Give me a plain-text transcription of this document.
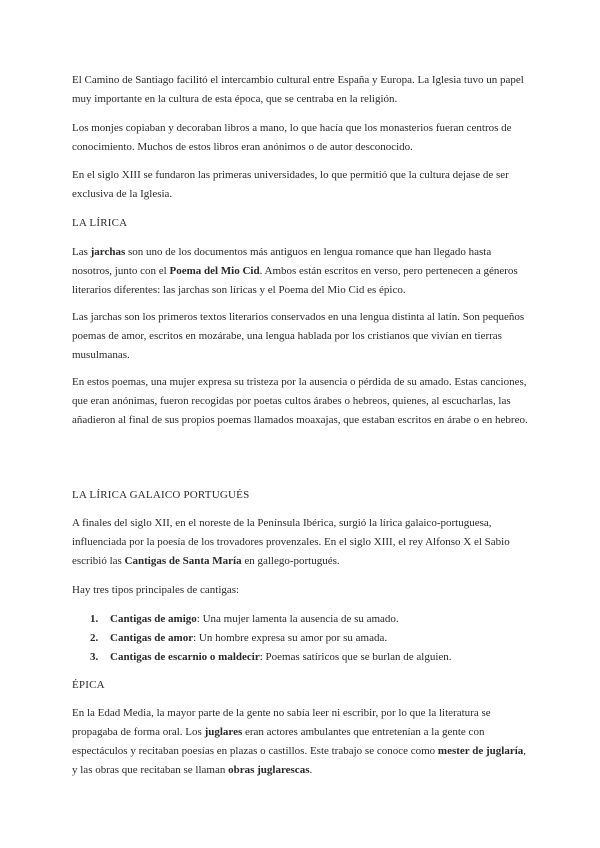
El Camino de Santiago facilitó el intercambio cultural entre España y Europa. La Iglesia tuvo un papel muy importante en la cultura de esta época, que se centraba en la religión.

Los monjes copiaban y decoraban libros a mano, lo que hacía que los monasterios fueran centros de conocimiento. Muchos de estos libros eran anónimos o de autor desconocido.

En el siglo XIII se fundaron las primeras universidades, lo que permitió que la cultura dejase de ser exclusiva de la Iglesia.

LA LÍRICA

Las jarchas son uno de los documentos más antiguos en lengua romance que han llegado hasta nosotros, junto con el Poema del Mio Cid. Ambos están escritos en verso, pero pertenecen a géneros literarios diferentes: las jarchas son líricas y el Poema del Mio Cid es épico.

Las jarchas son los primeros textos literarios conservados en una lengua distinta al latín. Son pequeños poemas de amor, escritos en mozárabe, una lengua hablada por los cristianos que vivían en tierras musulmanas.

En estos poemas, una mujer expresa su tristeza por la ausencia o pérdida de su amado. Estas canciones, que eran anónimas, fueron recogidas por poetas cultos árabes o hebreos, quienes, al escucharlas, las añadieron al final de sus propios poemas llamados moaxajas, que estaban escritos en árabe o en hebreo.

LA LÍRICA GALAICO PORTUGUÉS

A finales del siglo XII, en el noreste de la Península Ibérica, surgió la lírica galaico-portuguesa, influenciada por la poesía de los trovadores provenzales. En el siglo XIII, el rey Alfonso X el Sabio escribió las Cantigas de Santa María en gallego-portugués.

Hay tres tipos principales de cantigas:

1. Cantigas de amigo: Una mujer lamenta la ausencia de su amado.
2. Cantigas de amor: Un hombre expresa su amor por su amada.
3. Cantigas de escarnio o maldecir: Poemas satíricos que se burlan de alguien.

ÉPICA

En la Edad Media, la mayor parte de la gente no sabía leer ni escribir, por lo que la literatura se propagaba de forma oral. Los juglares eran actores ambulantes que entretenían a la gente con espectáculos y recitaban poesías en plazas o castillos. Este trabajo se conoce como mester de juglaría, y las obras que recitaban se llaman obras juglarescas.
